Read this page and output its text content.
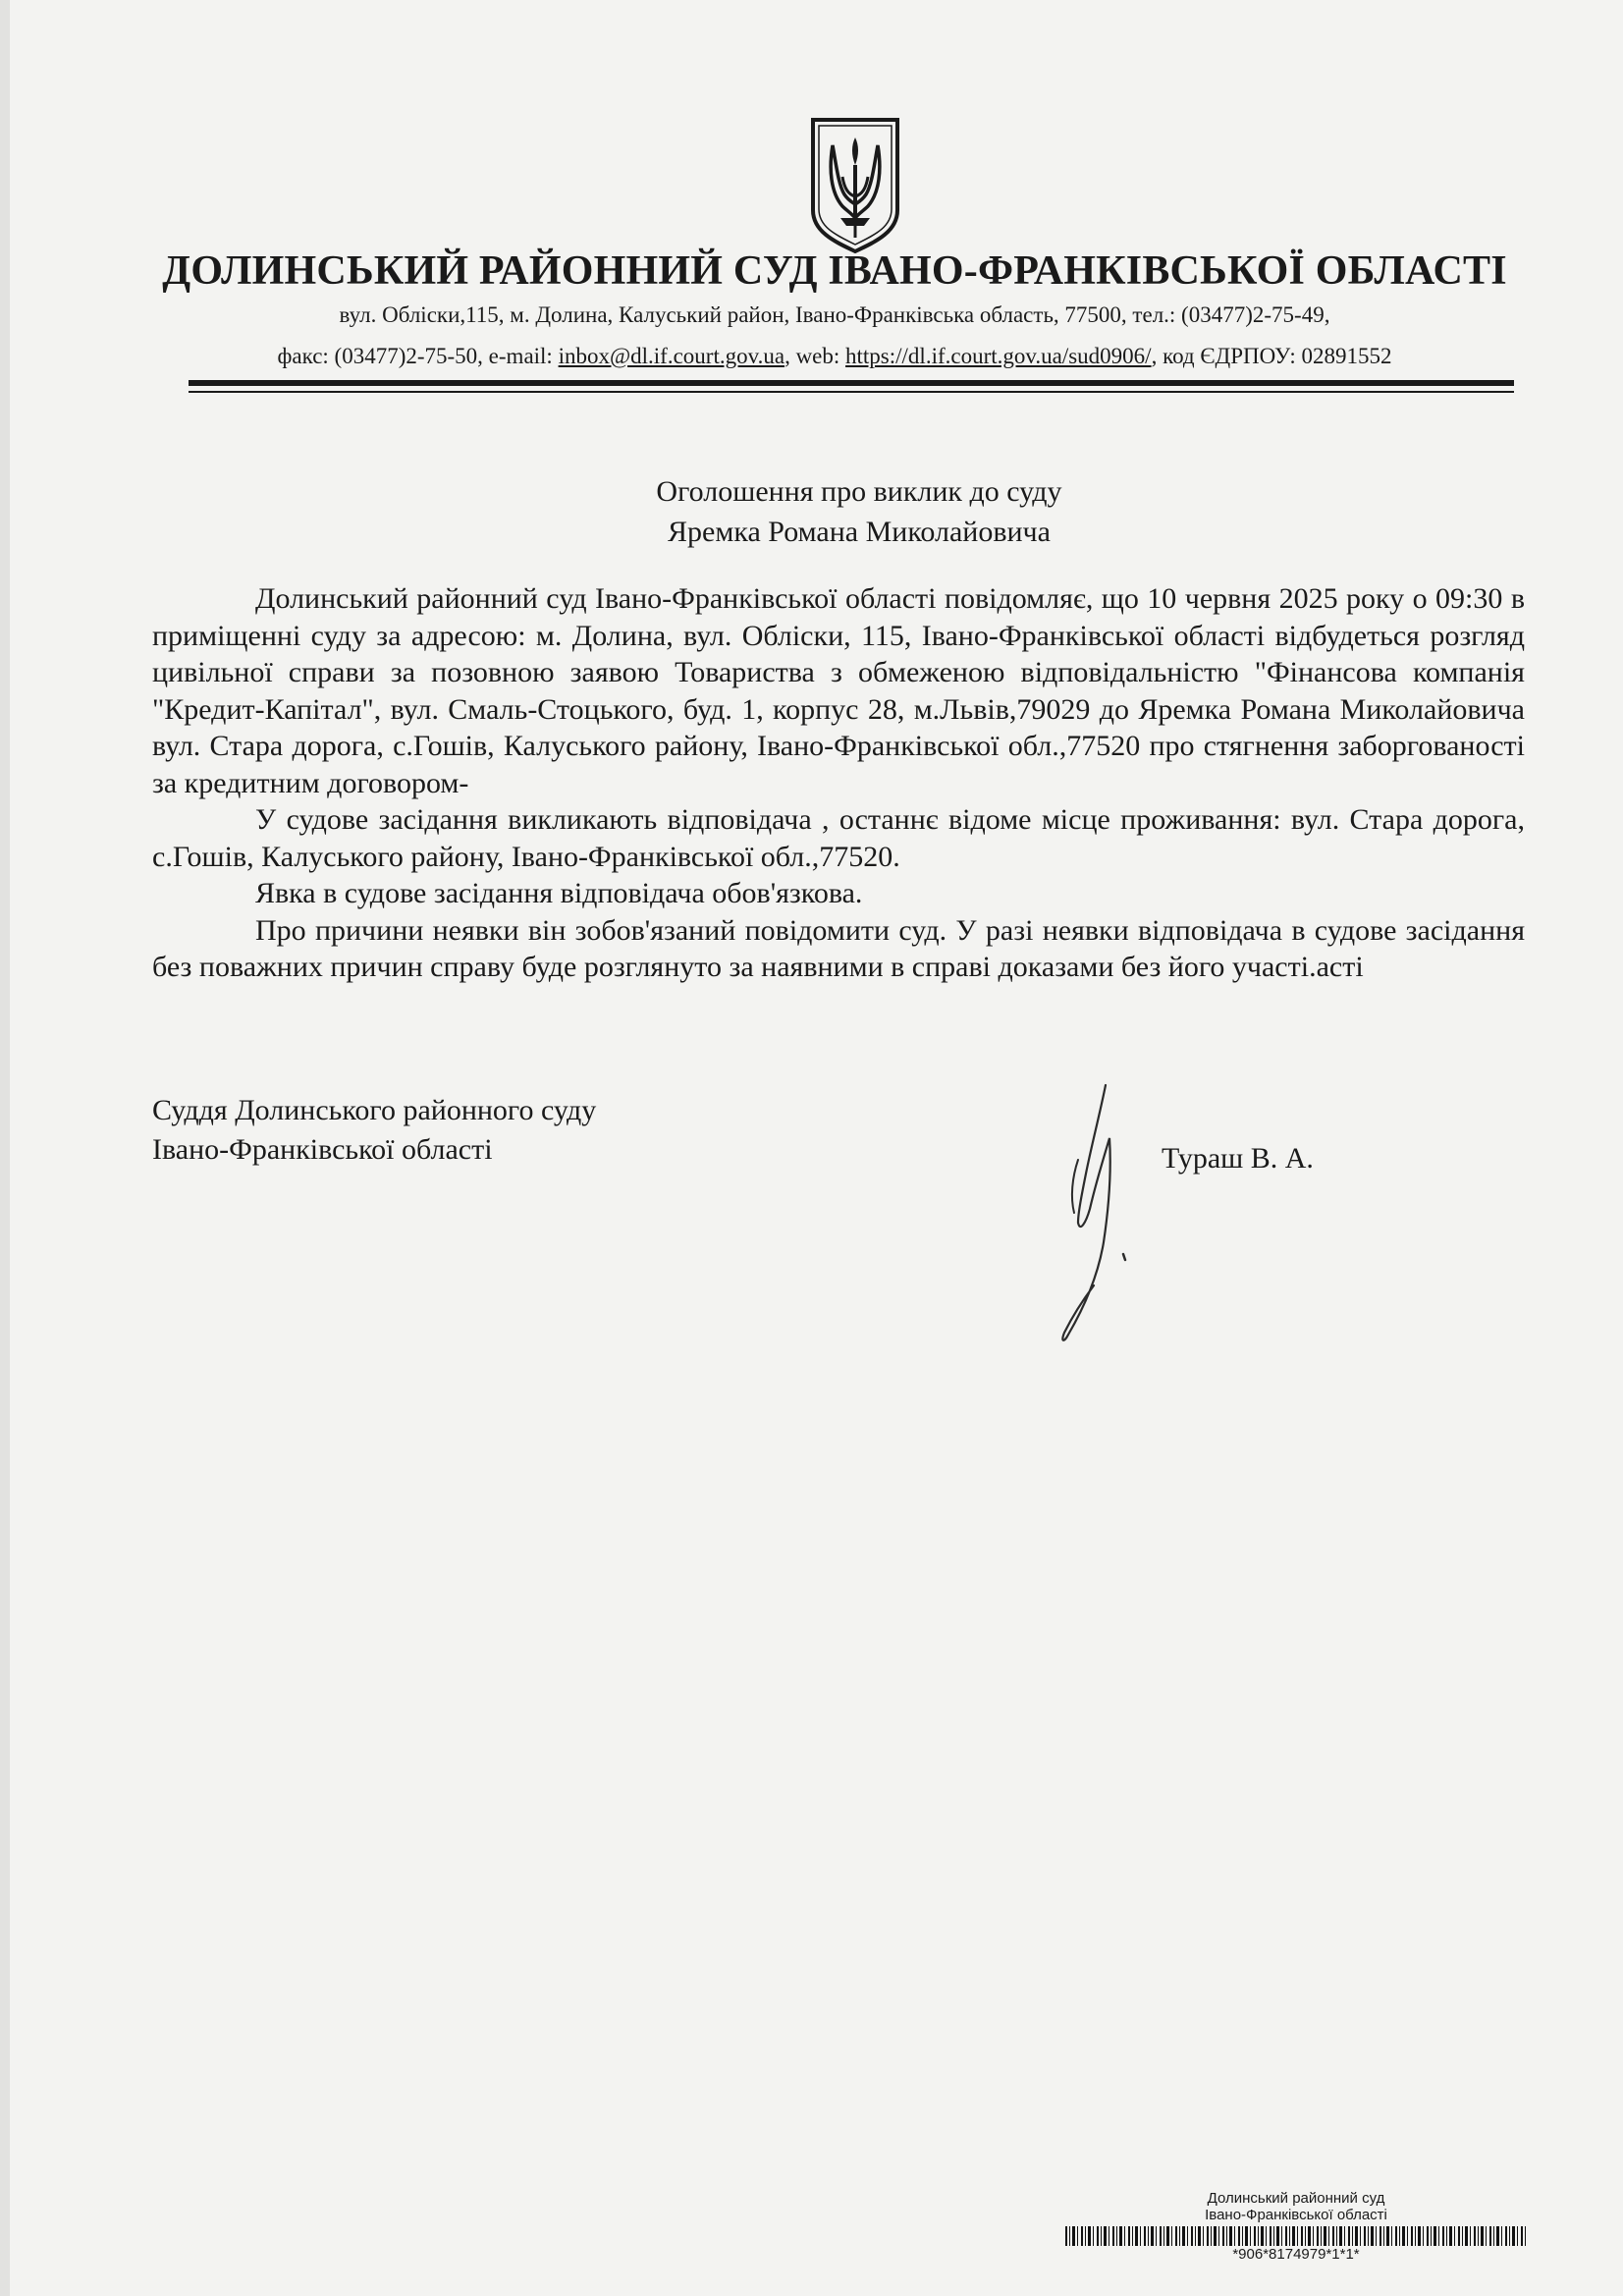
ДОЛИНСЬКИЙ РАЙОННИЙ СУД ІВАНО-ФРАНКІВСЬКОЇ ОБЛАСТІ
вул. Обліски,115, м. Долина, Калуський район, Івано-Франківська область, 77500, тел.: (03477)2-75-49,
факс: (03477)2-75-50, e-mail: inbox@dl.if.court.gov.ua, web: https://dl.if.court.gov.ua/sud0906/, код ЄДРПОУ: 02891552
Оголошення про виклик до суду
Яремка Романа Миколайовича

Долинський районний суд Івано-Франківської області повідомляє, що 10 червня 2025 року о 09:30 в приміщенні суду за адресою: м. Долина, вул. Обліски, 115, Івано-Франківської області відбудеться розгляд цивільної справи за позовною заявою Товариства з обмеженою відповідальністю "Фінансова компанія "Кредит-Капітал", вул. Смаль-Стоцького, буд. 1, корпус 28, м.Львів,79029 до Яремка Романа Миколайовича вул. Стара дорога, с.Гошів, Калуського району, Івано-Франківської обл.,77520 про стягнення заборгованості за кредитним договором-

У судове засідання викликають відповідача , останнє відоме місце проживання: вул. Стара дорога, с.Гошів, Калуського району, Івано-Франківської обл.,77520.

Явка в судове засідання відповідача обов'язкова.

Про причини неявки він зобов'язаний повідомити суд. У разі неявки відповідача в судове засідання без поважних причин справу буде розглянуто за наявними в справі доказами без його участі.асті

Суддя Долинського районного суду
Івано-Франківської області	Тураш В. А.
Долинський районний суд
Івано-Франківської області
*906*8174979*1*1*
